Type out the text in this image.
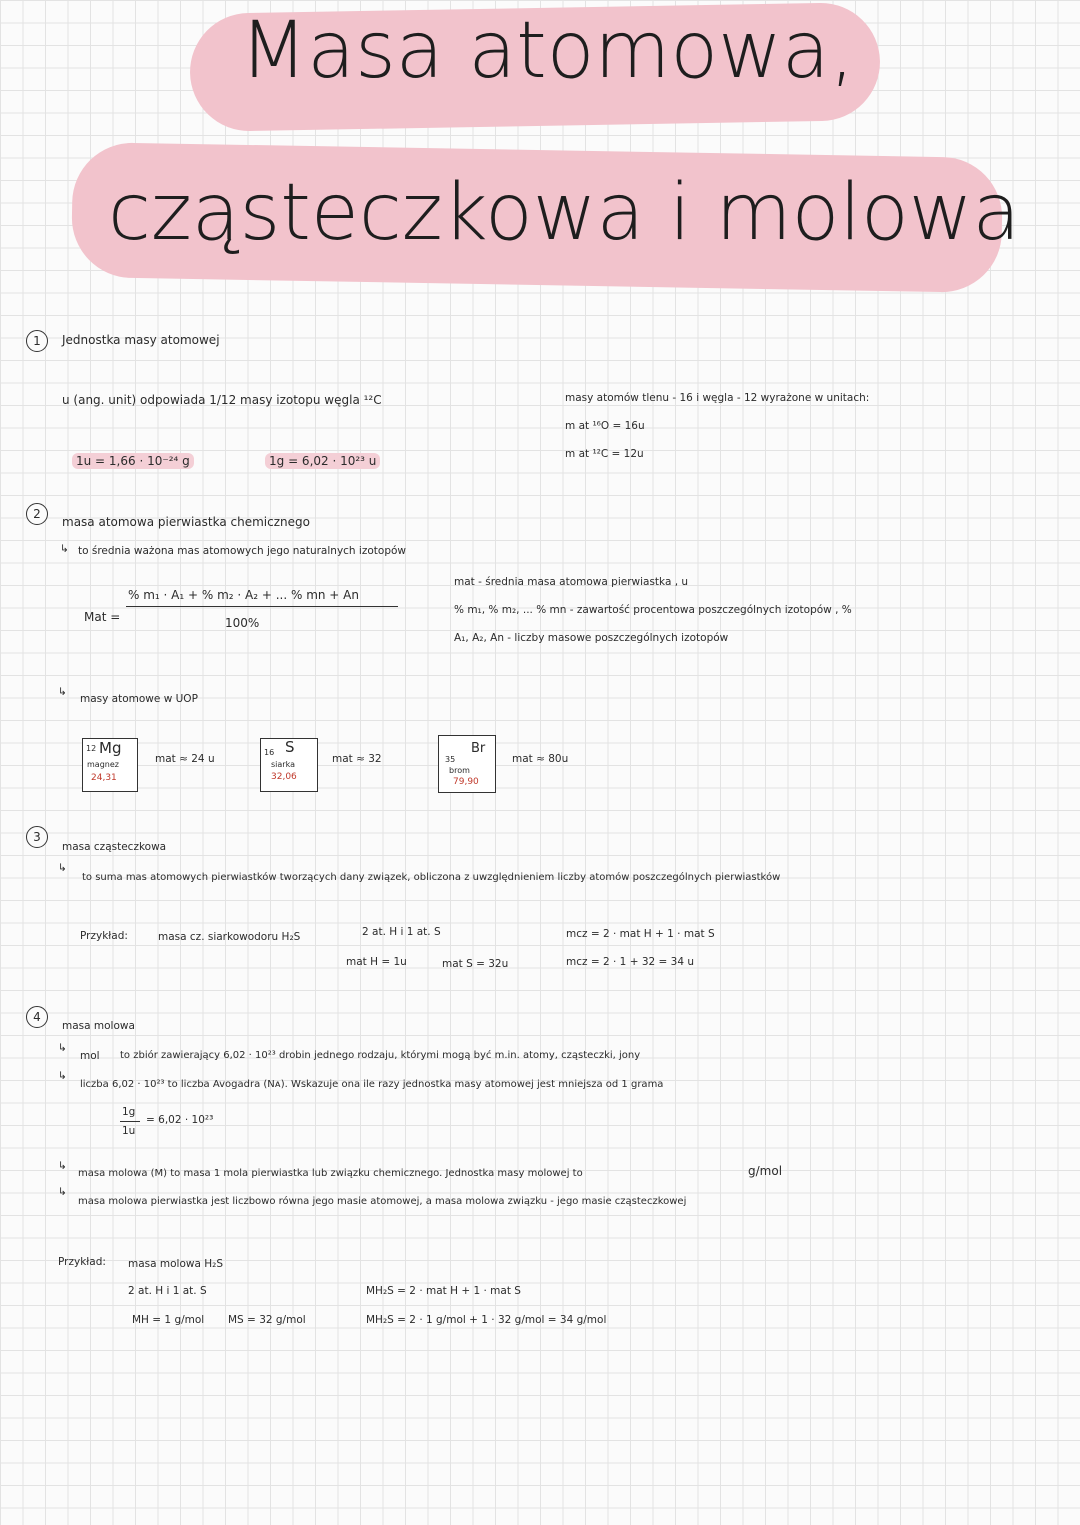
Masa atomowa,
cząsteczkowa i molowa
1	Jednostka masy atomowej
u (ang. unit) odpowiada 1/12 masy izotopu węgla ¹²C
1u = 1,66 · 10⁻²⁴ g	1g = 6,02 · 10²³ u
masy atomów tlenu - 16 i węgla - 12 wyrażone w unitach:
m at ¹⁶O = 16u
m at ¹²C = 12u
2
masa atomowa pierwiastka chemicznego
↳ to średnia ważona mas atomowych jego naturalnych izotopów
Mat =
% m₁ · A₁ + % m₂ · A₂ + ... % mn + An
100%
mat - średnia masa atomowa pierwiastka , u
% m₁, % m₂, ... % mn - zawartość procentowa poszczególnych izotopów , %
A₁, A₂, An - liczby masowe poszczególnych izotopów
↳
masy atomowe w UOP
12 Mg
magnez
24,31
mat ≈ 24 u
16 S
siarka
32,06
mat ≈ 32	35
Br
brom
79,90
mat ≈ 80u
3
masa cząsteczkowa
↳
to suma mas atomowych pierwiastków tworzących dany związek, obliczona z uwzględnieniem liczby atomów poszczególnych pierwiastków
Przykład:	masa cz. siarkowodoru H₂S	2 at. H i 1 at. S
mat H = 1u	mat S = 32u
mcz = 2 · mat H + 1 · mat S
mcz = 2 · 1 + 32 = 34 u
4
masa molowa
↳
mol to zbiór zawierający 6,02 · 10²³ drobin jednego rodzaju, którymi mogą być m.in. atomy, cząsteczki, jony
↳
liczba 6,02 · 10²³ to liczba Avogadra (Nᴀ). Wskazuje ona ile razy jednostka masy atomowej jest mniejsza od 1 grama
1g
1u
= 6,02 · 10²³
↳
masa molowa (M) to masa 1 mola pierwiastka lub związku chemicznego. Jednostka masy molowej to	g/mol
↳
masa molowa pierwiastka jest liczbowo równa jego masie atomowej, a masa molowa związku - jego masie cząsteczkowej
Przykład: masa molowa H₂S
2 at. H i 1 at. S
MH = 1 g/mol MS = 32 g/mol
MH₂S = 2 · mat H + 1 · mat S
MH₂S = 2 · 1 g/mol + 1 · 32 g/mol = 34 g/mol
